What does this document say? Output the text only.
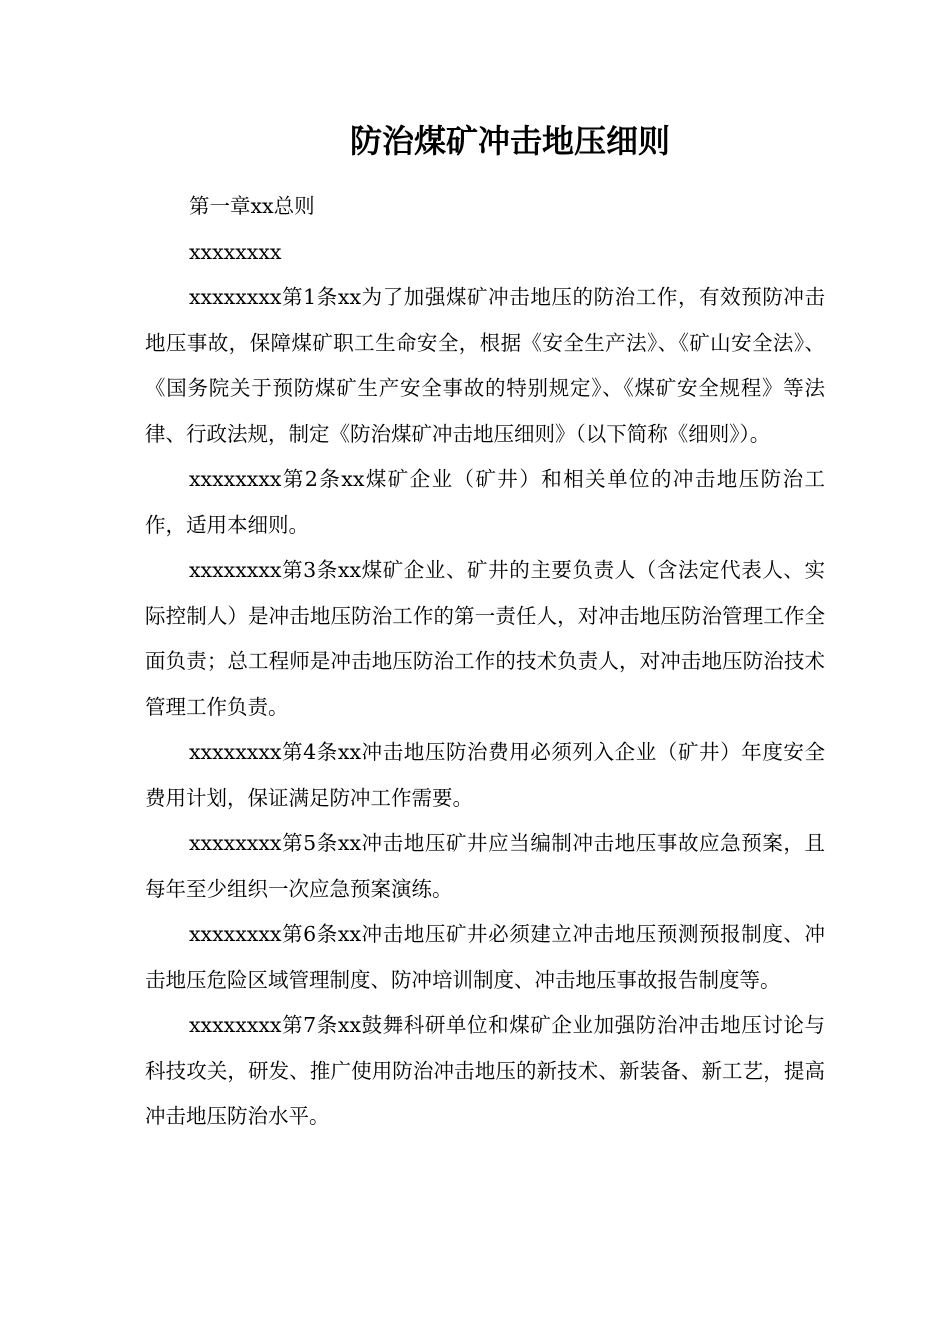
防治煤矿冲击地压细则

第一章xx总则

xxxxxxxx

xxxxxxxx第1条xx为了加强煤矿冲击地压的防治工作，有效预防冲击地压事故，保障煤矿职工生命安全，根据《安全生产法》、《矿山安全法》、《国务院关于预防煤矿生产安全事故的特别规定》、《煤矿安全规程》等法律、行政法规，制定《防治煤矿冲击地压细则》（以下简称《细则》）。

xxxxxxxx第2条xx煤矿企业（矿井）和相关单位的冲击地压防治工作，适用本细则。

xxxxxxxx第3条xx煤矿企业、矿井的主要负责人（含法定代表人、实际控制人）是冲击地压防治工作的第一责任人，对冲击地压防治管理工作全面负责；总工程师是冲击地压防治工作的技术负责人，对冲击地压防治技术管理工作负责。

xxxxxxxx第4条xx冲击地压防治费用必须列入企业（矿井）年度安全费用计划，保证满足防冲工作需要。

xxxxxxxx第5条xx冲击地压矿井应当编制冲击地压事故应急预案，且每年至少组织一次应急预案演练。

xxxxxxxx第6条xx冲击地压矿井必须建立冲击地压预测预报制度、冲击地压危险区域管理制度、防冲培训制度、冲击地压事故报告制度等。

xxxxxxxx第7条xx鼓舞科研单位和煤矿企业加强防治冲击地压讨论与科技攻关，研发、推广使用防治冲击地压的新技术、新装备、新工艺，提高冲击地压防治水平。
